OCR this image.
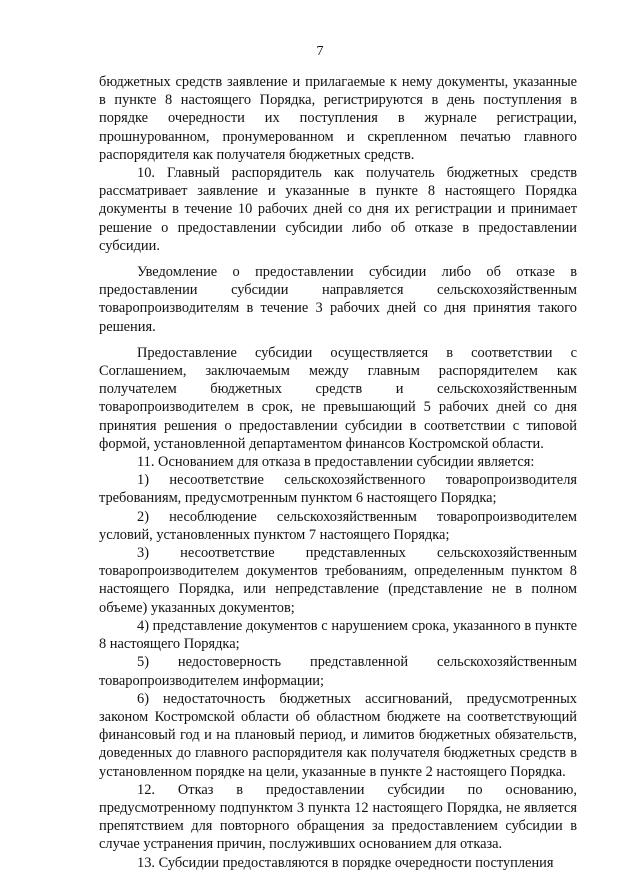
7

бюджетных средств заявление и прилагаемые к нему документы, указанные в пункте 8 настоящего Порядка, регистрируются в день поступления в порядке очередности их поступления в журнале регистрации, прошнурованном, пронумерованном и скрепленном печатью главного распорядителя как получателя бюджетных средств.

10. Главный распорядитель как получатель бюджетных средств рассматривает заявление и указанные в пункте 8 настоящего Порядка документы в течение 10 рабочих дней со дня их регистрации и принимает решение о предоставлении субсидии либо об отказе в предоставлении субсидии.

Уведомление о предоставлении субсидии либо об отказе в предоставлении субсидии направляется сельскохозяйственным товаропроизводителям в течение 3 рабочих дней со дня принятия такого решения.

Предоставление субсидии осуществляется в соответствии с Соглашением, заключаемым между главным распорядителем как получателем бюджетных средств и сельскохозяйственным товаропроизводителем в срок, не превышающий 5 рабочих дней со дня принятия решения о предоставлении субсидии в соответствии с типовой формой, установленной департаментом финансов Костромской области.

11. Основанием для отказа в предоставлении субсидии является:

1) несоответствие сельскохозяйственного товаропроизводителя требованиям, предусмотренным пунктом 6 настоящего Порядка;

2) несоблюдение сельскохозяйственным товаропроизводителем условий, установленных пунктом 7 настоящего Порядка;

3) несоответствие представленных сельскохозяйственным товаропроизводителем документов требованиям, определенным пунктом 8 настоящего Порядка, или непредставление (представление не в полном объеме) указанных документов;

4) представление документов с нарушением срока, указанного в пункте 8 настоящего Порядка;

5) недостоверность представленной сельскохозяйственным товаропроизводителем информации;

6) недостаточность бюджетных ассигнований, предусмотренных законом Костромской области об областном бюджете на соответствующий финансовый год и на плановый период, и лимитов бюджетных обязательств, доведенных до главного распорядителя как получателя бюджетных средств в установленном порядке на цели, указанные в пункте 2 настоящего Порядка.

12. Отказ в предоставлении субсидии по основанию, предусмотренному подпунктом 3 пункта 12 настоящего Порядка, не является препятствием для повторного обращения за предоставлением субсидии в случае устранения причин, послуживших основанием для отказа.

13. Субсидии предоставляются в порядке очередности поступления
